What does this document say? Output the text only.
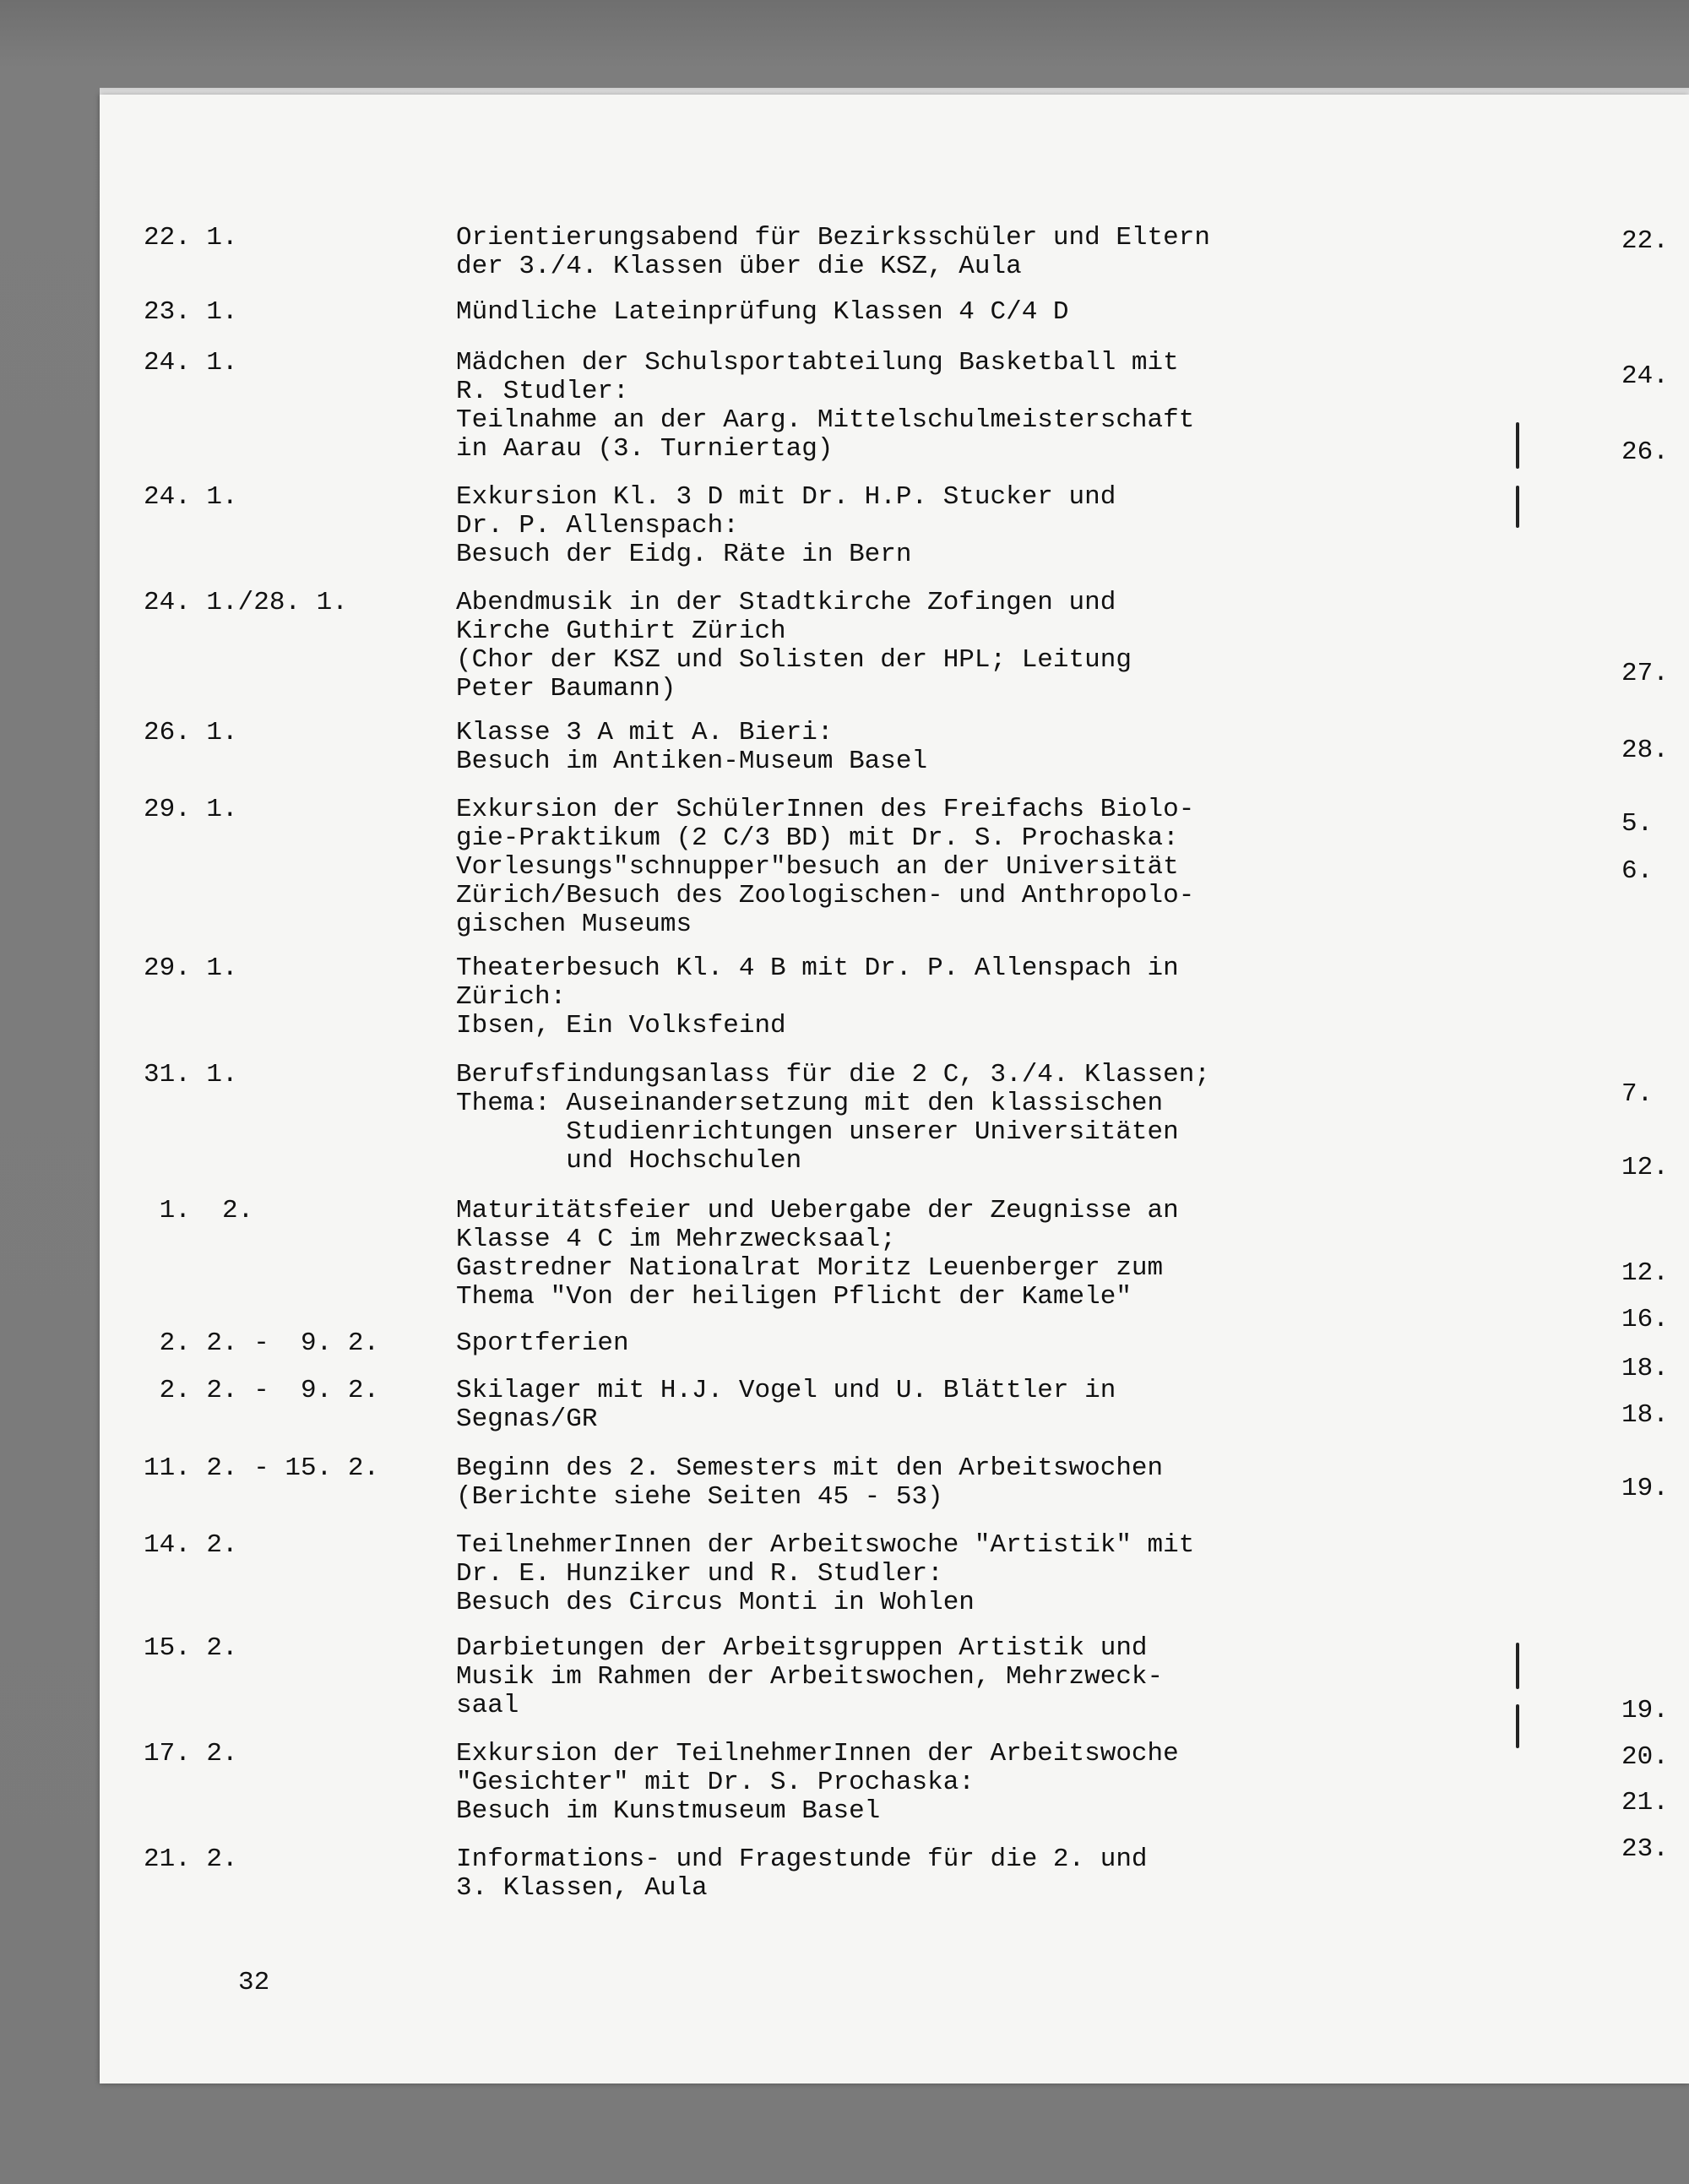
22. 1.	Orientierungsabend für Bezirksschüler und Eltern
der 3./4. Klassen über die KSZ, Aula
23. 1.	Mündliche Lateinprüfung Klassen 4 C/4 D
24. 1.	Mädchen der Schulsportabteilung Basketball mit
R. Studler:
Teilnahme an der Aarg. Mittelschulmeisterschaft
in Aarau (3. Turniertag)
24. 1.	Exkursion Kl. 3 D mit Dr. H.P. Stucker und
Dr. P. Allenspach:
Besuch der Eidg. Räte in Bern
24. 1./28. 1.	Abendmusik in der Stadtkirche Zofingen und
Kirche Guthirt Zürich
(Chor der KSZ und Solisten der HPL; Leitung
Peter Baumann)
26. 1.	Klasse 3 A mit A. Bieri:
Besuch im Antiken-Museum Basel
29. 1.	Exkursion der SchülerInnen des Freifachs Biolo-
gie-Praktikum (2 C/3 BD) mit Dr. S. Prochaska:
Vorlesungs"schnupper"besuch an der Universität
Zürich/Besuch des Zoologischen- und Anthropolo-
gischen Museums
29. 1.	Theaterbesuch Kl. 4 B mit Dr. P. Allenspach in
Zürich:
Ibsen, Ein Volksfeind
31. 1.	Berufsfindungsanlass für die 2 C, 3./4. Klassen;
Thema: Auseinandersetzung mit den klassischen
Studienrichtungen unserer Universitäten
und Hochschulen
1.  2.	Maturitätsfeier und Uebergabe der Zeugnisse an
Klasse 4 C im Mehrzwecksaal;
Gastredner Nationalrat Moritz Leuenberger zum
Thema "Von der heiligen Pflicht der Kamele"
2. 2. -  9. 2.	Sportferien
2. 2. -  9. 2.	Skilager mit H.J. Vogel und U. Blättler in
Segnas/GR
11. 2. - 15. 2.	Beginn des 2. Semesters mit den Arbeitswochen
(Berichte siehe Seiten 45 - 53)
14. 2.	TeilnehmerInnen der Arbeitswoche "Artistik" mit
Dr. E. Hunziker und R. Studler:
Besuch des Circus Monti in Wohlen
15. 2.	Darbietungen der Arbeitsgruppen Artistik und
Musik im Rahmen der Arbeitswochen, Mehrzweck-
saal
17. 2.	Exkursion der TeilnehmerInnen der Arbeitswoche
"Gesichter" mit Dr. S. Prochaska:
Besuch im Kunstmuseum Basel
21. 2.	Informations- und Fragestunde für die 2. und
3. Klassen, Aula
32
22.
24.
26.
27.
28.
5.
6.
7.
12.
12.
16.
18.
18.
19.
19.
20.
21.
23.
